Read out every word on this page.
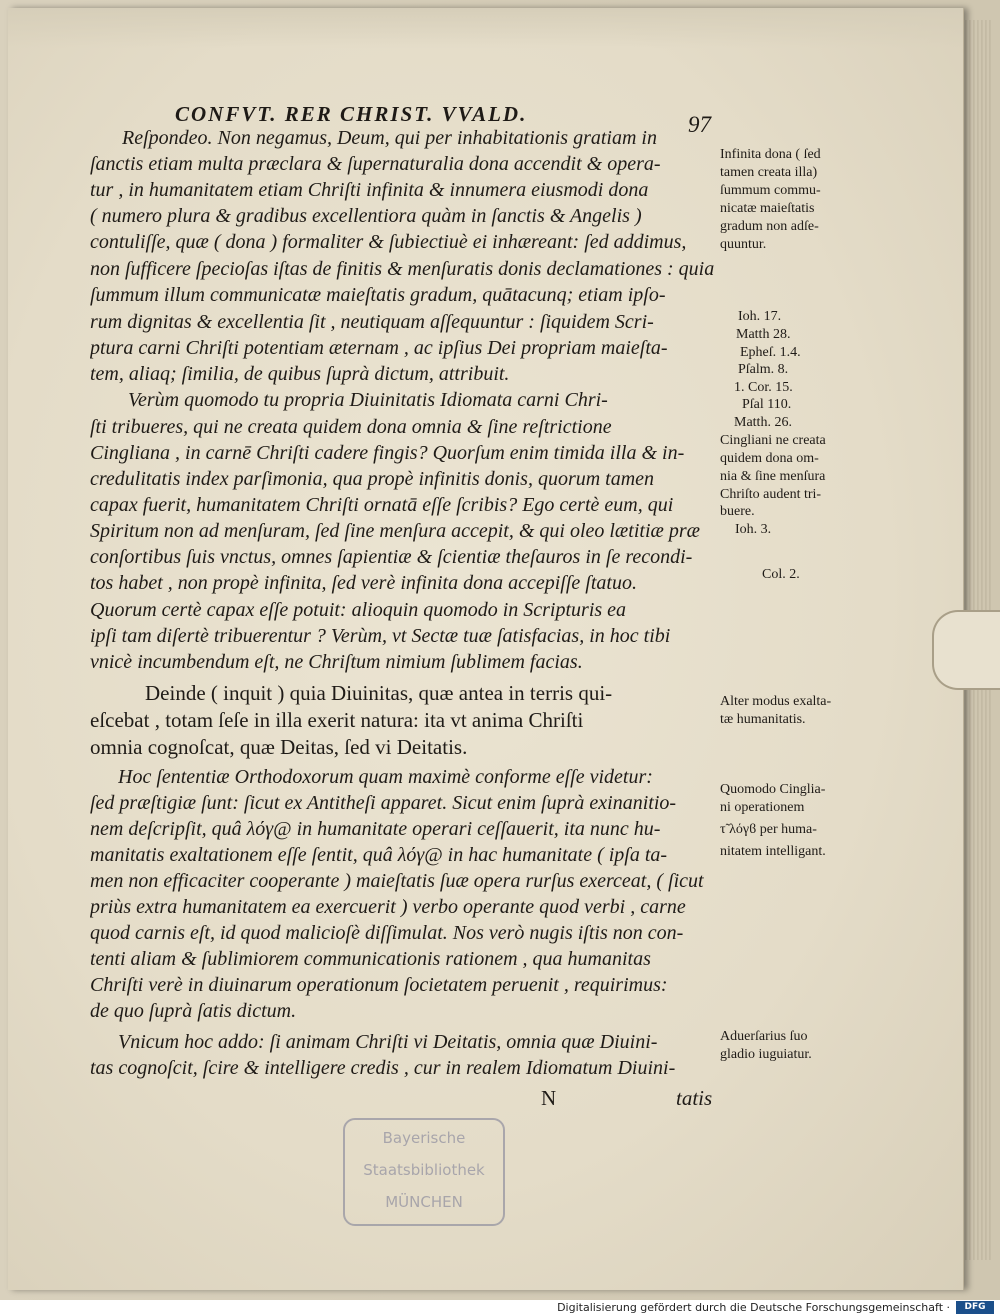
CONFVT. RER CHRIST. VVALD.	97
Reſpondeo. Non negamus, Deum, qui per inhabitationis gratiam in
ſanctis etiam multa præclara & ſupernaturalia dona accendit & opera-
tur , in humanitatem etiam Chriſti infinita & innumera eiusmodi dona
( numero plura & gradibus excellentiora quàm in ſanctis & Angelis )
contuliſſe, quæ ( dona ) formaliter & ſubiectiuè ei inhæreant: ſed addimus,
non ſufficere ſpecioſas iſtas de finitis & menſuratis donis declamationes : quia
ſummum illum communicatæ maieſtatis gradum, quātacunq; etiam ipſo-
rum dignitas & excellentia ſit , neutiquam aſſequuntur : ſiquidem Scri-
ptura carni Chriſti potentiam æternam , ac ipſius Dei propriam maieſta-
tem, aliaq; ſimilia, de quibus ſuprà dictum, attribuit.
Verùm quomodo tu propria Diuinitatis Idiomata carni Chri-
ſti tribueres, qui ne creata quidem dona omnia & ſine reſtrictione
Cingliana , in carnē Chriſti cadere fingis? Quorſum enim timida illa & in-
credulitatis index parſimonia, qua propè infinitis donis, quorum tamen
capax fuerit, humanitatem Chriſti ornatā eſſe ſcribis? Ego certè eum, qui
Spiritum non ad menſuram, ſed ſine menſura accepit, & qui oleo lætitiæ præ
conſortibus ſuis vnctus, omnes ſapientiæ & ſcientiæ theſauros in ſe recondi-
tos habet , non propè infinita, ſed verè infinita dona accepiſſe ſtatuo.
Quorum certè capax eſſe potuit: alioquin quomodo in Scripturis ea
ipſi tam diſertè tribuerentur ? Verùm, vt Sectæ tuæ ſatisfacias, in hoc tibi
vnicè incumbendum eſt, ne Chriſtum nimium ſublimem facias.
Deinde ( inquit ) quia Diuinitas, quæ antea in terris qui-
eſcebat , totam ſeſe in illa exerit natura: ita vt anima Chriſti
omnia cognoſcat, quæ Deitas, ſed vi Deitatis.
Hoc ſententiæ Orthodoxorum quam maximè conforme eſſe videtur:
ſed præſtigiæ ſunt: ſicut ex Antitheſi apparet. Sicut enim ſuprà exinanitio-
nem deſcripſit, quâ λόγ@ in humanitate operari ceſſauerit, ita nunc hu-
manitatis exaltationem eſſe ſentit, quâ λόγ@ in hac humanitate ( ipſa ta-
men non efficaciter cooperante ) maieſtatis ſuæ opera rurſus exerceat, ( ſicut
priùs extra humanitatem ea exercuerit ) verbo operante quod verbi , carne
quod carnis eſt, id quod malicioſè diſſimulat. Nos verò nugis iſtis non con-
tenti aliam & ſublimiorem communicationis rationem , qua humanitas
Chriſti verè in diuinarum operationum ſocietatem peruenit , requirimus:
de quo ſuprà ſatis dictum.
Vnicum hoc addo: ſi animam Chriſti vi Deitatis, omnia quæ Diuini-
tas cognoſcit, ſcire & intelligere credis , cur in realem Idiomatum Diuini-
Infinita dona ( ſed
tamen creata illa)
ſummum commu-
nicatæ maieſtatis
gradum non adſe-
quuntur.
Ioh. 17.
Matth 28.
Epheſ. 1.4.
Pſalm. 8.
1. Cor. 15.
Pſal 110.
Matth. 26.
Cingliani ne creata
quidem dona om-
nia & ſine menſura
Chriſto audent tri-
buere.
Ioh. 3.
Col. 2.
Alter modus exalta-
tæ humanitatis.
Quomodo Cinglia-
ni operationem
τ̃ λόγϐ per huma-
nitatem intelligant.
Aduerſarius ſuo
gladio iuguiatur.
N	tatis
Bayerische
Staatsbibliothek
MÜNCHEN
Digitalisierung gefördert durch die Deutsche Forschungsgemeinschaft ·	DFG
